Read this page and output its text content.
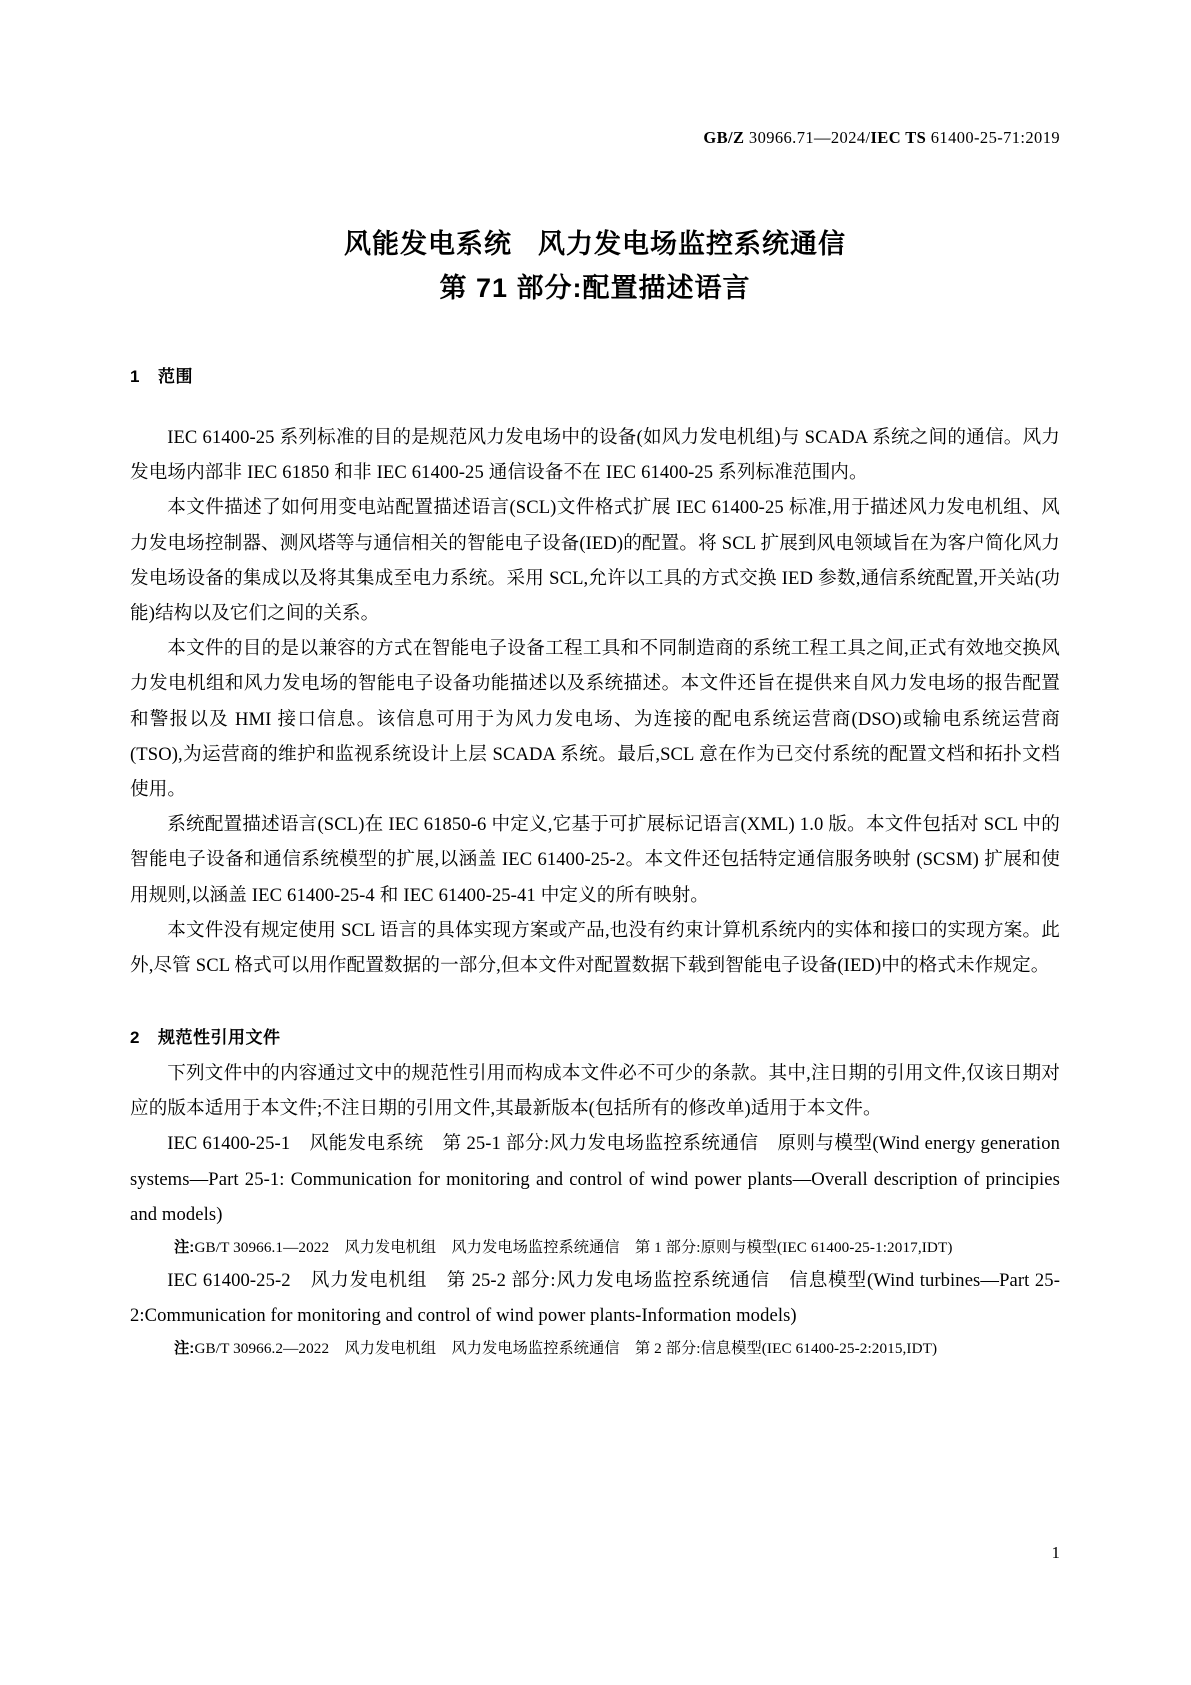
GB/Z 30966.71—2024/IEC TS 61400-25-71:2019
风能发电系统 风力发电场监控系统通信
第 71 部分:配置描述语言
1 范围

IEC 61400-25 系列标准的目的是规范风力发电场中的设备(如风力发电机组)与 SCADA 系统之间的通信。风力发电场内部非 IEC 61850 和非 IEC 61400-25 通信设备不在 IEC 61400-25 系列标准范围内。

本文件描述了如何用变电站配置描述语言(SCL)文件格式扩展 IEC 61400-25 标准,用于描述风力发电机组、风力发电场控制器、测风塔等与通信相关的智能电子设备(IED)的配置。将 SCL 扩展到风电领域旨在为客户简化风力发电场设备的集成以及将其集成至电力系统。采用 SCL,允许以工具的方式交换 IED 参数,通信系统配置,开关站(功能)结构以及它们之间的关系。

本文件的目的是以兼容的方式在智能电子设备工程工具和不同制造商的系统工程工具之间,正式有效地交换风力发电机组和风力发电场的智能电子设备功能描述以及系统描述。本文件还旨在提供来自风力发电场的报告配置和警报以及 HMI 接口信息。该信息可用于为风力发电场、为连接的配电系统运营商(DSO)或输电系统运营商(TSO),为运营商的维护和监视系统设计上层 SCADA 系统。最后,SCL 意在作为已交付系统的配置文档和拓扑文档使用。

系统配置描述语言(SCL)在 IEC 61850-6 中定义,它基于可扩展标记语言(XML) 1.0 版。本文件包括对 SCL 中的智能电子设备和通信系统模型的扩展,以涵盖 IEC 61400-25-2。本文件还包括特定通信服务映射 (SCSM) 扩展和使用规则,以涵盖 IEC 61400-25-4 和 IEC 61400-25-41 中定义的所有映射。

本文件没有规定使用 SCL 语言的具体实现方案或产品,也没有约束计算机系统内的实体和接口的实现方案。此外,尽管 SCL 格式可以用作配置数据的一部分,但本文件对配置数据下载到智能电子设备(IED)中的格式未作规定。

2 规范性引用文件

下列文件中的内容通过文中的规范性引用而构成本文件必不可少的条款。其中,注日期的引用文件,仅该日期对应的版本适用于本文件;不注日期的引用文件,其最新版本(包括所有的修改单)适用于本文件。

IEC 61400-25-1　风能发电系统　第 25-1 部分:风力发电场监控系统通信　原则与模型(Wind energy generation systems—Part 25-1: Communication for monitoring and control of wind power plants—Overall description of principies and models)

注:GB/T 30966.1—2022　风力发电机组　风力发电场监控系统通信　第 1 部分:原则与模型(IEC 61400-25-1:2017,IDT)

IEC 61400-25-2　风力发电机组　第 25-2 部分:风力发电场监控系统通信　信息模型(Wind turbines—Part 25-2:Communication for monitoring and control of wind power plants-Information models)

注:GB/T 30966.2—2022　风力发电机组　风力发电场监控系统通信　第 2 部分:信息模型(IEC 61400-25-2:2015,IDT)

1
